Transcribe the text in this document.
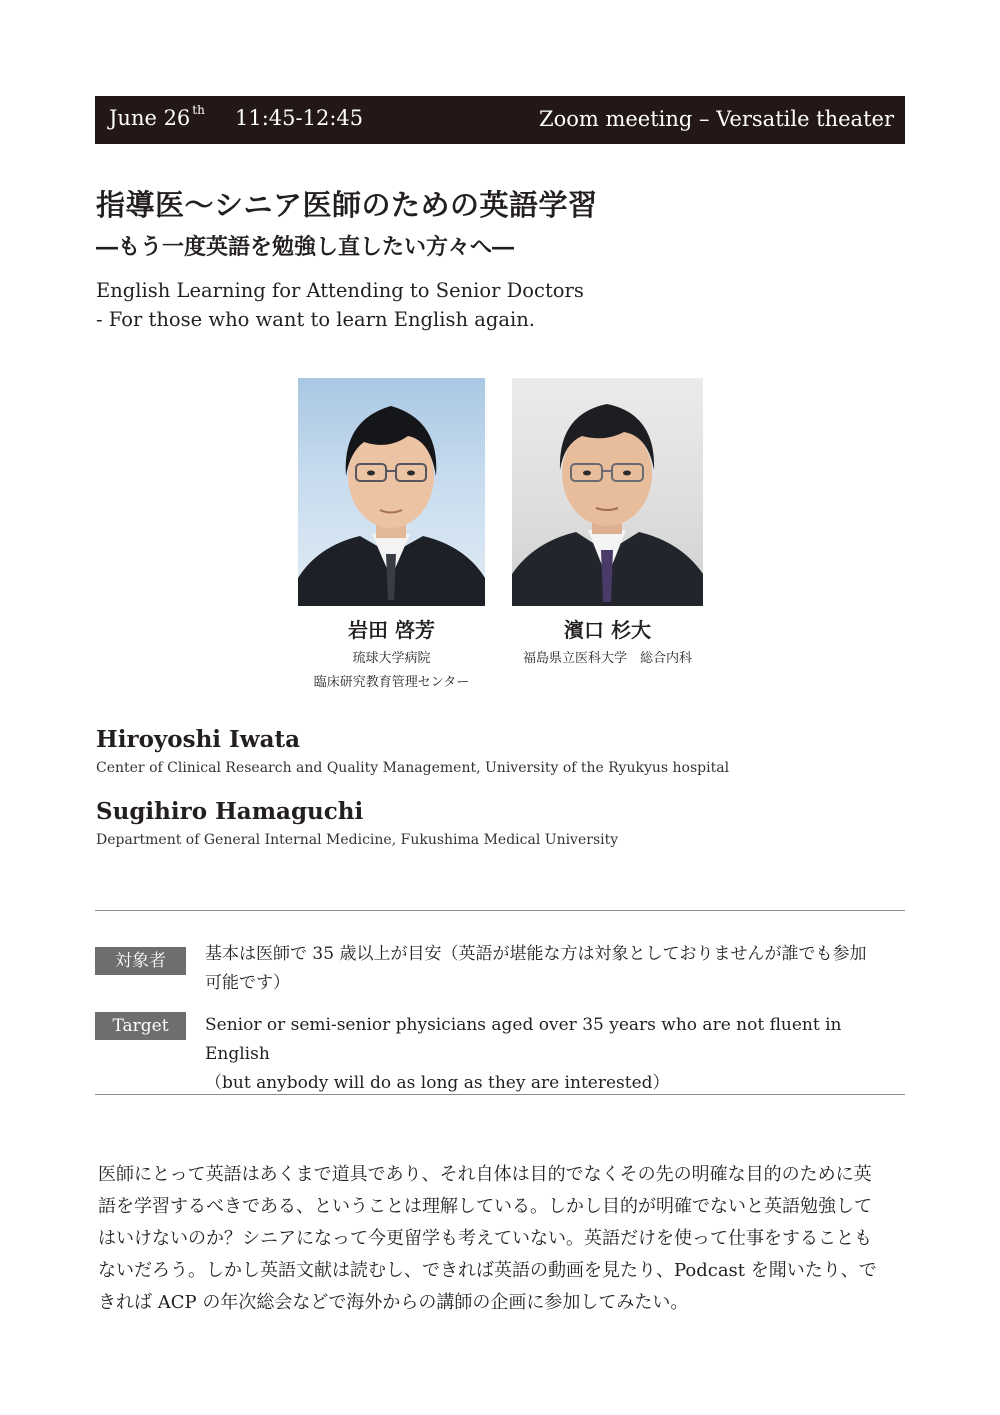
June 26 $^{th}$ 11:45-12:45	Zoom meeting – Versatile theater
指導医〜シニア医師のための英語学習
―もう一度英語を勉強し直したい方々へ―
English Learning for Attending to Senior Doctors
- For those who want to learn English again.
岩田 啓芳
琉球大学病院
臨床研究教育管理センター
濱口 杉大
福島県立医科大学　総合内科
Hiroyoshi Iwata
Center of Clinical Research and Quality Management, University of the Ryukyus hospital
Sugihiro Hamaguchi
Department of General Internal Medicine, Fukushima Medical University
対象者	基本は医師で 35 歳以上が目安（英語が堪能な方は対象としておりませんが誰でも参加
可能です）
Target	Senior or semi-senior physicians aged over 35 years who are not fluent in English
（but anybody will do as long as they are interested）
医師にとって英語はあくまで道具であり、それ自体は目的でなくその先の明確な目的のために英
語を学習するべきである、ということは理解している。しかし目的が明確でないと英語勉強して
はいけないのか？シニアになって今更留学も考えていない。英語だけを使って仕事をすることも
ないだろう。しかし英語文献は読むし、できれば英語の動画を見たり、Podcast を聞いたり、で
きれば ACP の年次総会などで海外からの講師の企画に参加してみたい。
